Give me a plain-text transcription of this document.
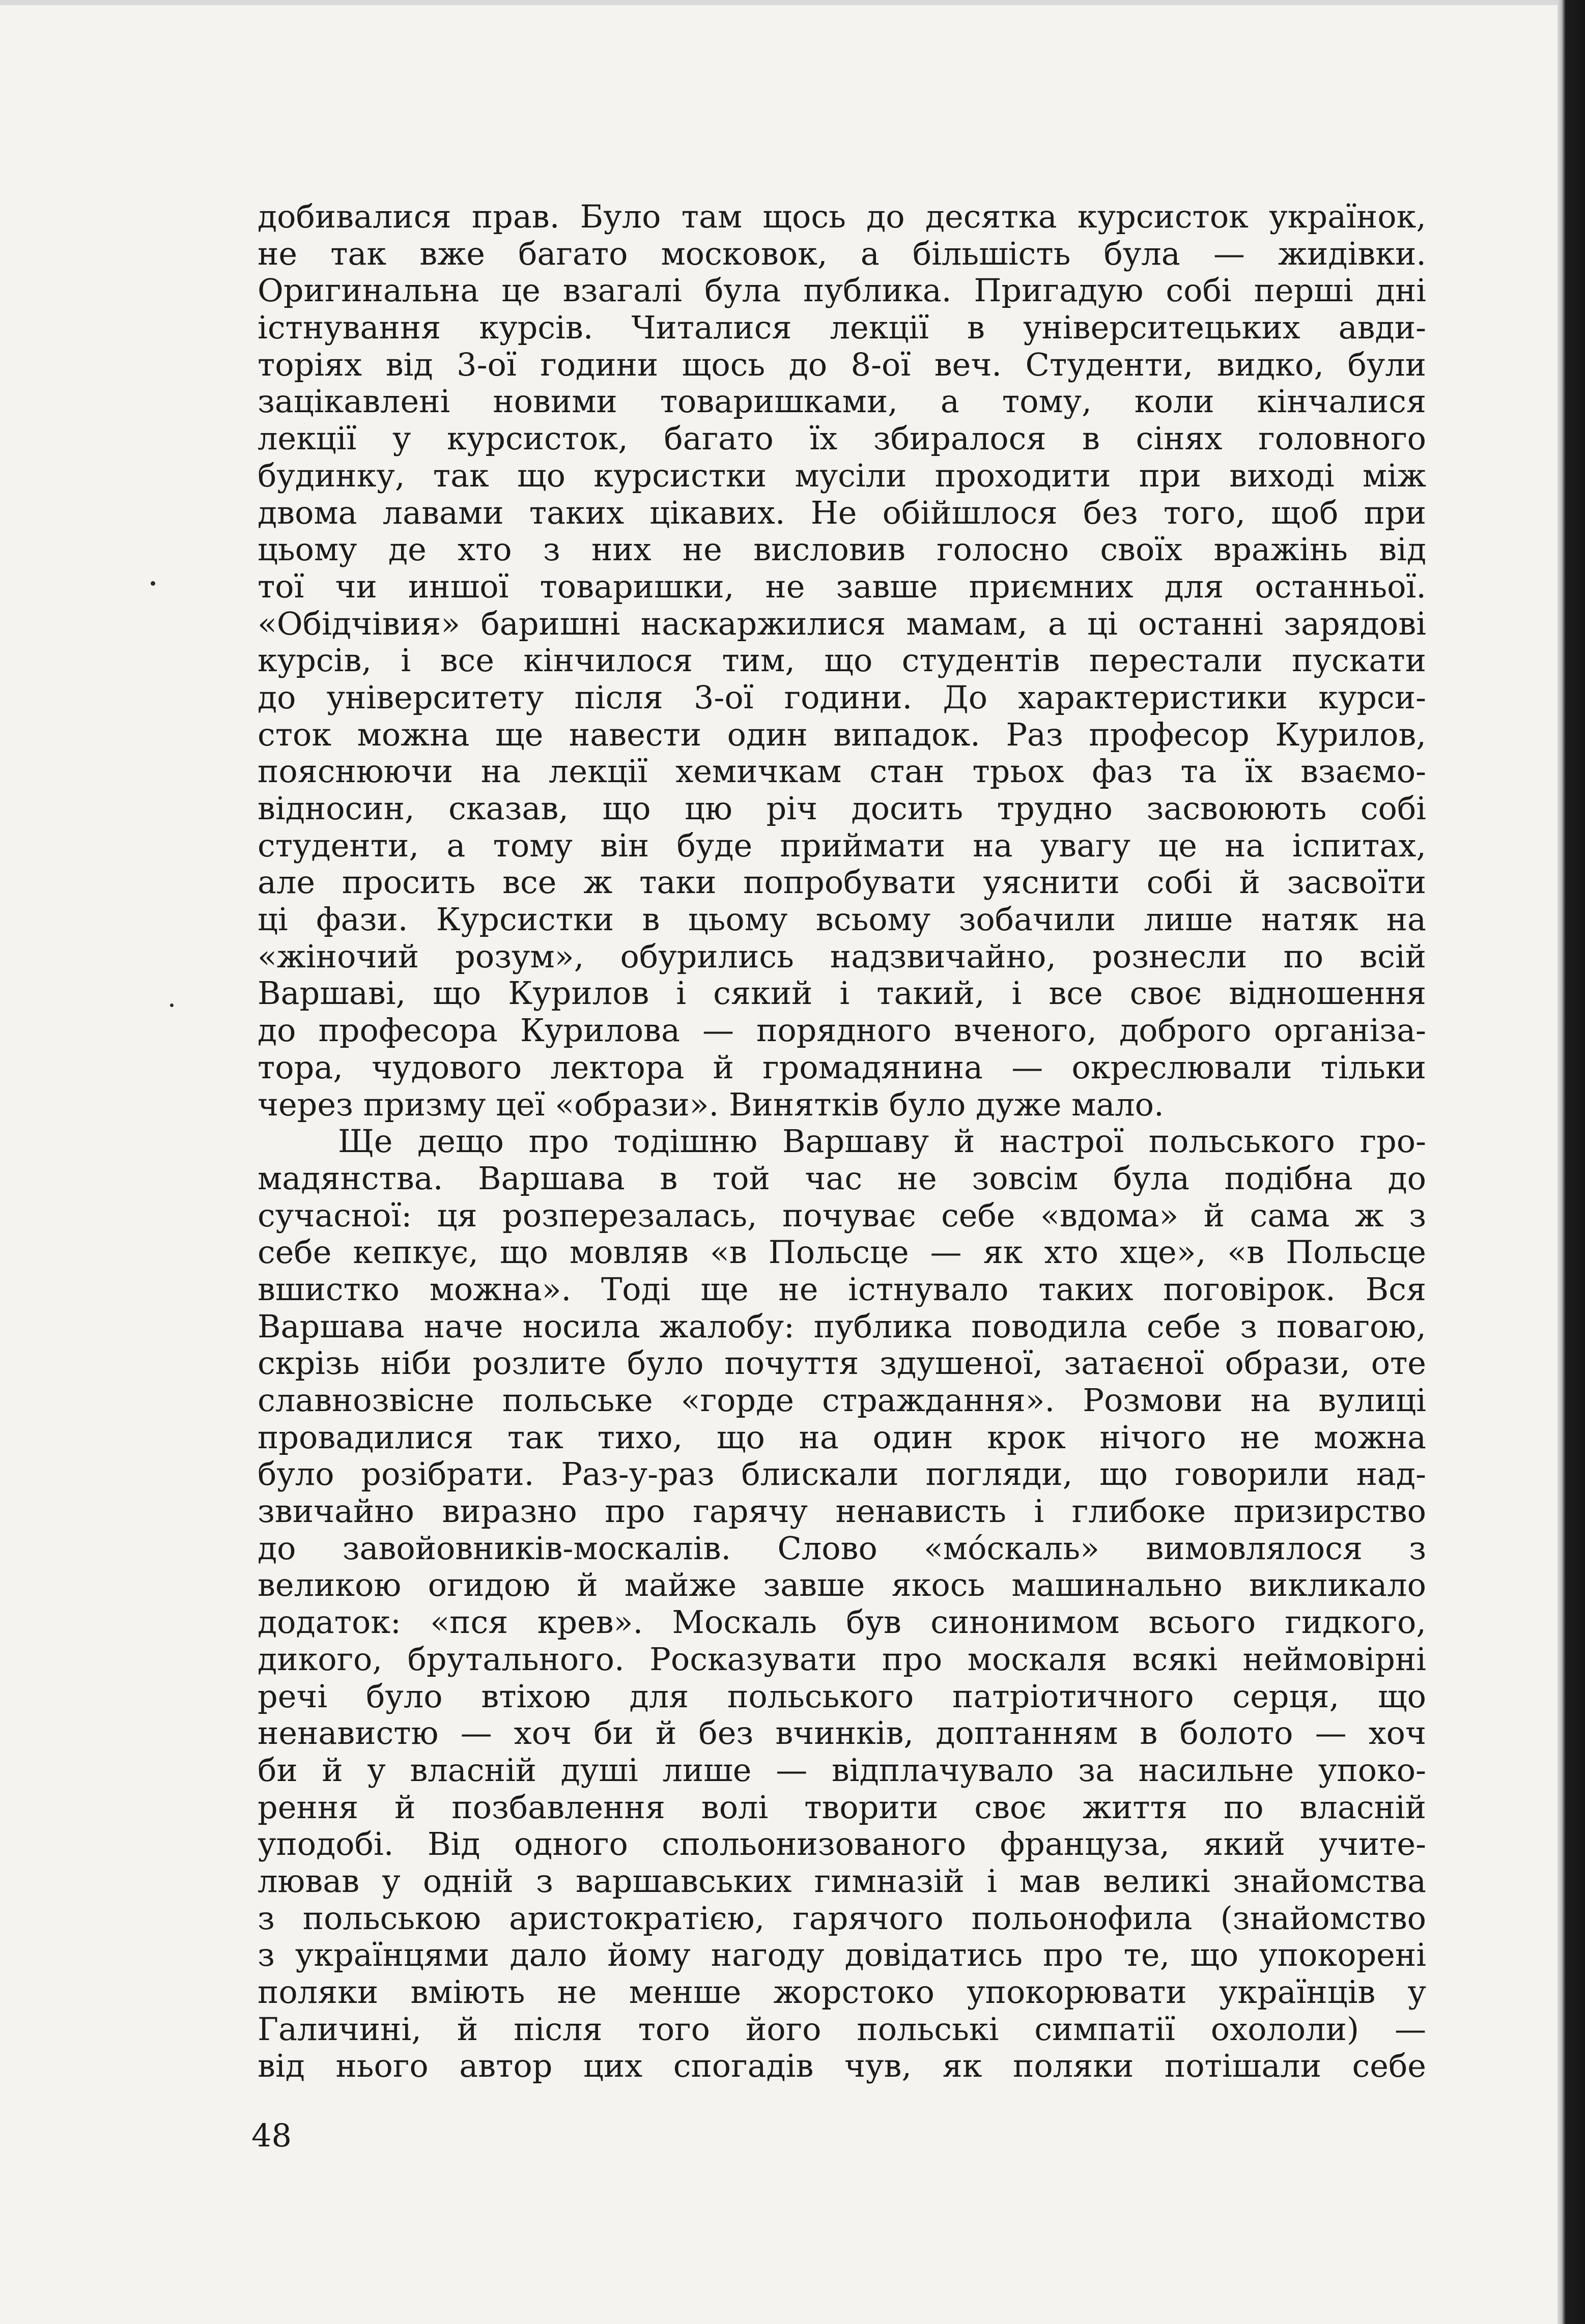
добивалися прав. Було там щось до десятка курсисток українок,
не так вже багато московок, а більшість була — жидівки.
Оригинальна це взагалі була публика. Пригадую собі перші дні
істнування курсів. Читалися лекції в університецьких авди-
торіях від 3-ої години щось до 8-ої веч. Студенти, видко, були
зацікавлені новими товаришками, а тому, коли кінчалися
лекції у курсисток, багато їх збиралося в сінях головного
будинку, так що курсистки мусіли проходити при виході між
двома лавами таких цікавих. Не обійшлося без того, щоб при
цьому де хто з них не висловив голосно своїх вражінь від
тої чи иншої товаришки, не завше приємних для останньої.
«Обідчівия» баришні наскаржилися мамам, а ці останні зарядові
курсів, і все кінчилося тим, що студентів перестали пускати
до університету після 3-ої години. До характеристики курси-
сток можна ще навести один випадок. Раз професор Курилов,
пояснюючи на лекції хемичкам стан трьох фаз та їх взаємо-
відносин, сказав, що цю річ досить трудно засвоюють собі
студенти, а тому він буде приймати на увагу це на іспитах,
але просить все ж таки попробувати уяснити собі й засвоїти
ці фази. Курсистки в цьому всьому зобачили лише натяк на
«жіночий розум», обурились надзвичайно, рознесли по всій
Варшаві, що Курилов і сякий і такий, і все своє відношення
до професора Курилова — порядного вченого, доброго організа-
тора, чудового лектора й громадянина — окреслювали тільки
через призму цеї «образи». Винятків було дуже мало.
Ще дещо про тодішню Варшаву й настрої польського гро-
мадянства. Варшава в той час не зовсім була подібна до
сучасної: ця розперезалась, почуває себе «вдома» й сама ж з
себе кепкує, що мовляв «в Польсце — як хто хце», «в Польсце
вшистко можна». Тоді ще не істнувало таких поговірок. Вся
Варшава наче носила жалобу: публика поводила себе з повагою,
скрізь ніби розлите було почуття здушеної, затаєної образи, оте
славнозвісне польське «горде страждання». Розмови на вулиці
провадилися так тихо, що на один крок нічого не можна
було розібрати. Раз-у-раз блискали погляди, що говорили над-
звичайно виразно про гарячу ненависть і глибоке призирство
до завойовників-москалів. Слово «мóскаль» вимовлялося з
великою огидою й майже завше якось машинально викликало
додаток: «пся крев». Москаль був синонимом всього гидкого,
дикого, брутального. Росказувати про москаля всякі неймовірні
речі було втіхою для польського патріотичного серця, що
ненавистю — хоч би й без вчинків, доптанням в болото — хоч
би й у власній душі лише — відплачувало за насильне упоко-
рення й позбавлення волі творити своє життя по власній
уподобі. Від одного спольонизованого француза, який учите-
лював у одній з варшавських гимназій і мав великі знайомства
з польською аристократією, гарячого польонофила (знайомство
з українцями дало йому нагоду довідатись про те, що упокорені
поляки вміють не менше жорстоко упокорювати українців у
Галичині, й після того його польські симпатії охололи) —
від нього автор цих спогадів чув, як поляки потішали себе
48
